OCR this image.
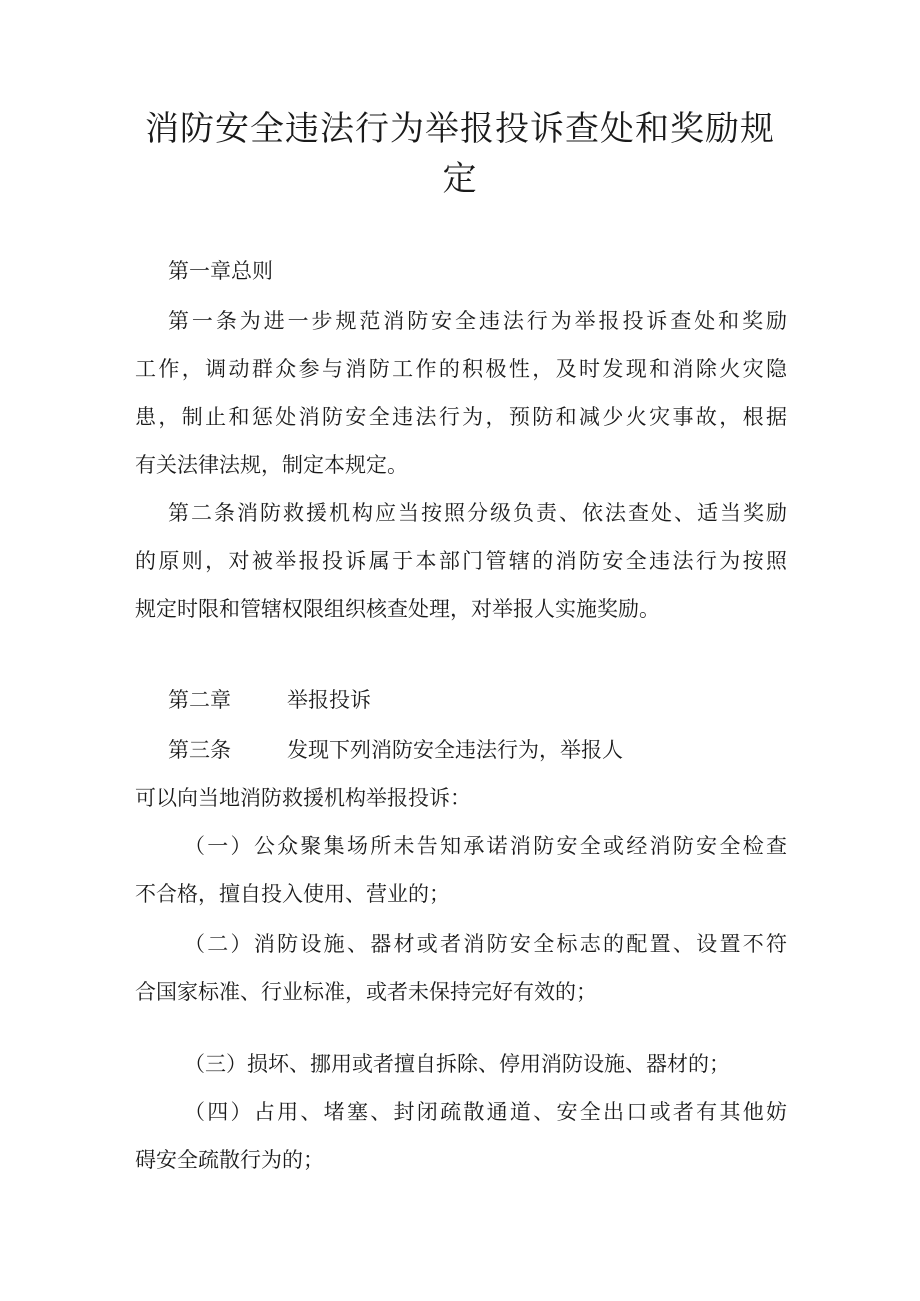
消防安全违法行为举报投诉查处和奖励规
定

第一章总则

第一条为进一步规范消防安全违法行为举报投诉查处和奖励

工作，调动群众参与消防工作的积极性，及时发现和消除火灾隐

患，制止和惩处消防安全违法行为，预防和减少火灾事故，根据

有关法律法规，制定本规定。

第二条消防救援机构应当按照分级负责、依法查处、适当奖励

的原则，对被举报投诉属于本部门管辖的消防安全违法行为按照

规定时限和管辖权限组织核查处理，对举报人实施奖励。

第二章	举报投诉

第三条	发现下列消防安全违法行为，举报人

可以向当地消防救援机构举报投诉：

（一）公众聚集场所未告知承诺消防安全或经消防安全检查

不合格，擅自投入使用、营业的；

（二）消防设施、器材或者消防安全标志的配置、设置不符

合国家标准、行业标准，或者未保持完好有效的；

（三）损坏、挪用或者擅自拆除、停用消防设施、器材的；

（四）占用、堵塞、封闭疏散通道、安全出口或者有其他妨

碍安全疏散行为的；
